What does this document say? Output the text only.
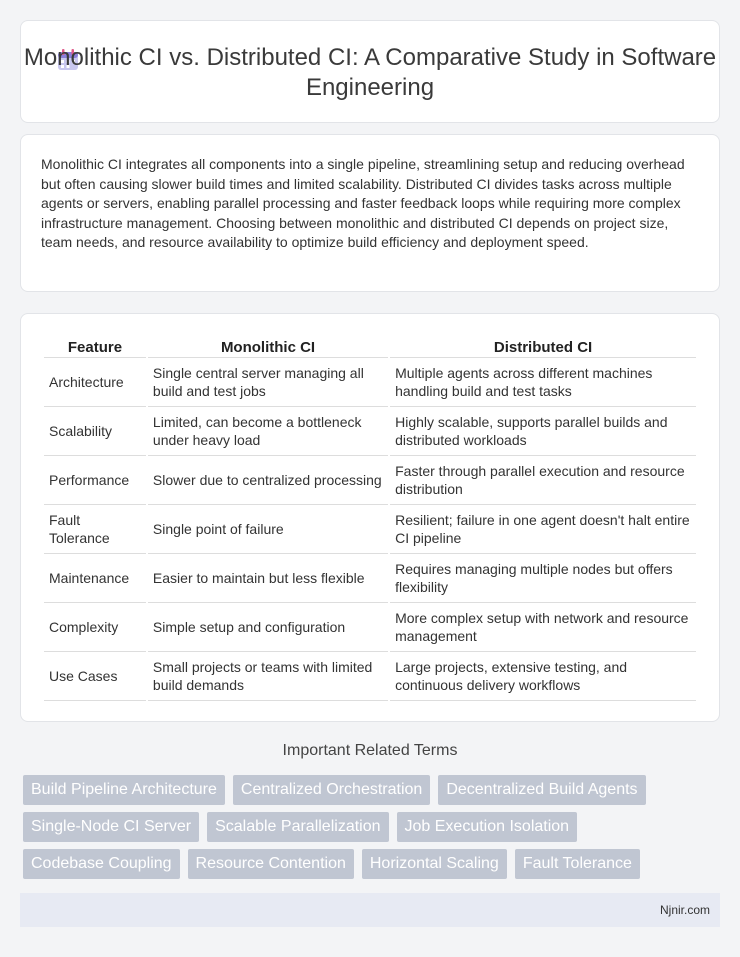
Monolithic CI vs. Distributed CI: A Comparative Study in Software Engineering

Monolithic CI integrates all components into a single pipeline, streamlining setup and reducing overhead but often causing slower build times and limited scalability. Distributed CI divides tasks across multiple agents or servers, enabling parallel processing and faster feedback loops while requiring more complex infrastructure management. Choosing between monolithic and distributed CI depends on project size, team needs, and resource availability to optimize build efficiency and deployment speed.

Feature	Monolithic CI	Distributed CI
Architecture	Single central server managing all build and test jobs	Multiple agents across different machines handling build and test tasks
Scalability	Limited, can become a bottleneck under heavy load	Highly scalable, supports parallel builds and distributed workloads
Performance	Slower due to centralized processing	Faster through parallel execution and resource distribution
Fault Tolerance	Single point of failure	Resilient; failure in one agent doesn't halt entire CI pipeline
Maintenance	Easier to maintain but less flexible	Requires managing multiple nodes but offers flexibility
Complexity	Simple setup and configuration	More complex setup with network and resource management
Use Cases	Small projects or teams with limited build demands	Large projects, extensive testing, and continuous delivery workflows
Important Related Terms
Build Pipeline Architecture	Centralized Orchestration	Decentralized Build Agents
Single-Node CI Server	Scalable Parallelization	Job Execution Isolation
Codebase Coupling	Resource Contention	Horizontal Scaling	Fault Tolerance
Njnir.com
